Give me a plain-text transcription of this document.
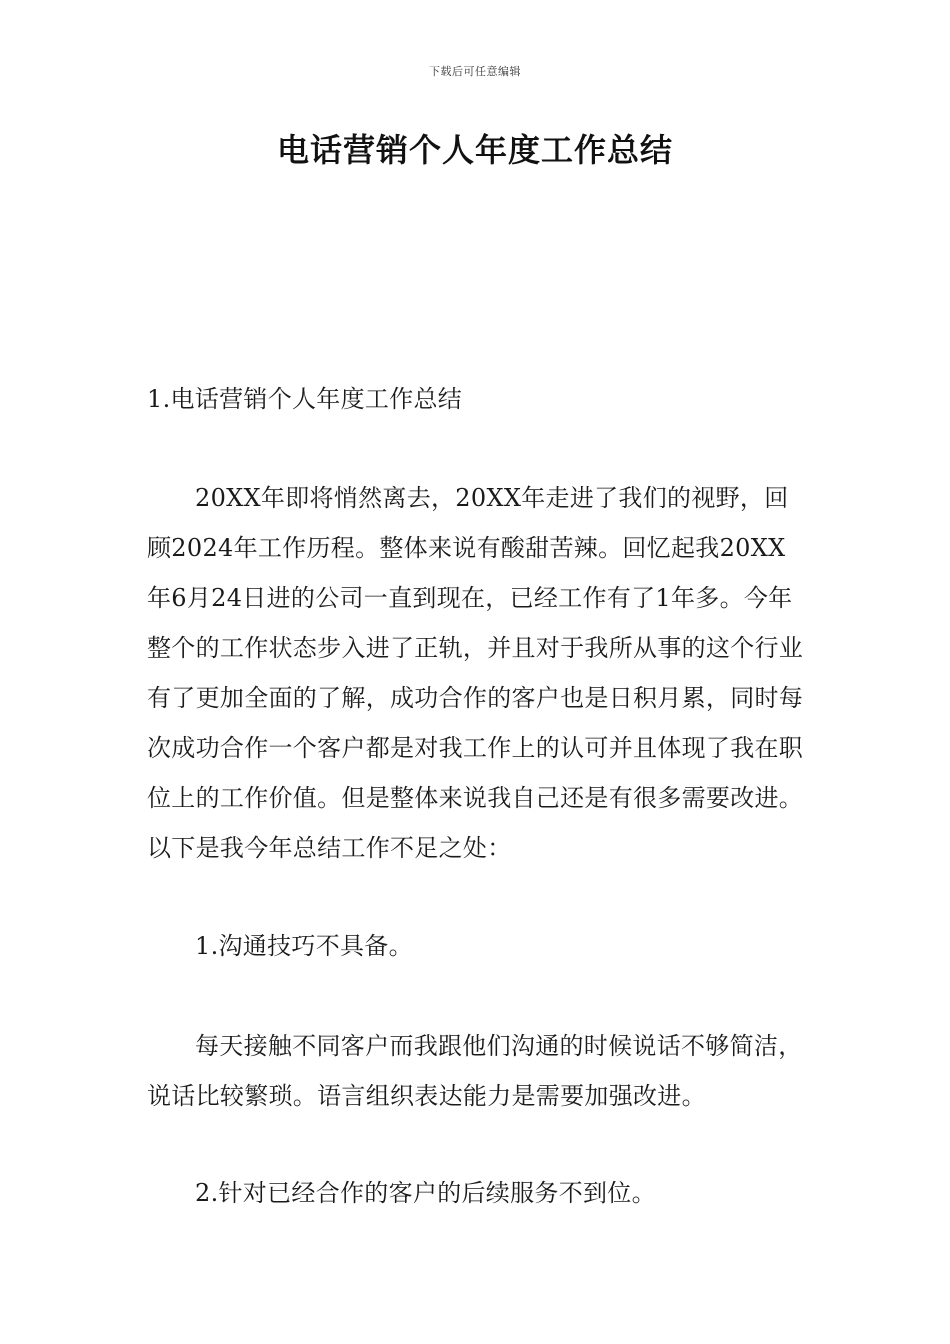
下载后可任意编辑
电话营销个人年度工作总结

1.电话营销个人年度工作总结

20XX年即将悄然离去，20XX年走进了我们的视野，回顾2024年工作历程。整体来说有酸甜苦辣。回忆起我20XX年6月24日进的公司一直到现在，已经工作有了1年多。今年整个的工作状态步入进了正轨，并且对于我所从事的这个行业有了更加全面的了解，成功合作的客户也是日积月累，同时每次成功合作一个客户都是对我工作上的认可并且体现了我在职位上的工作价值。但是整体来说我自己还是有很多需要改进。以下是我今年总结工作不足之处：

1.沟通技巧不具备。

每天接触不同客户而我跟他们沟通的时候说话不够简洁，说话比较繁琐。语言组织表达能力是需要加强改进。

2.针对已经合作的客户的后续服务不到位。
